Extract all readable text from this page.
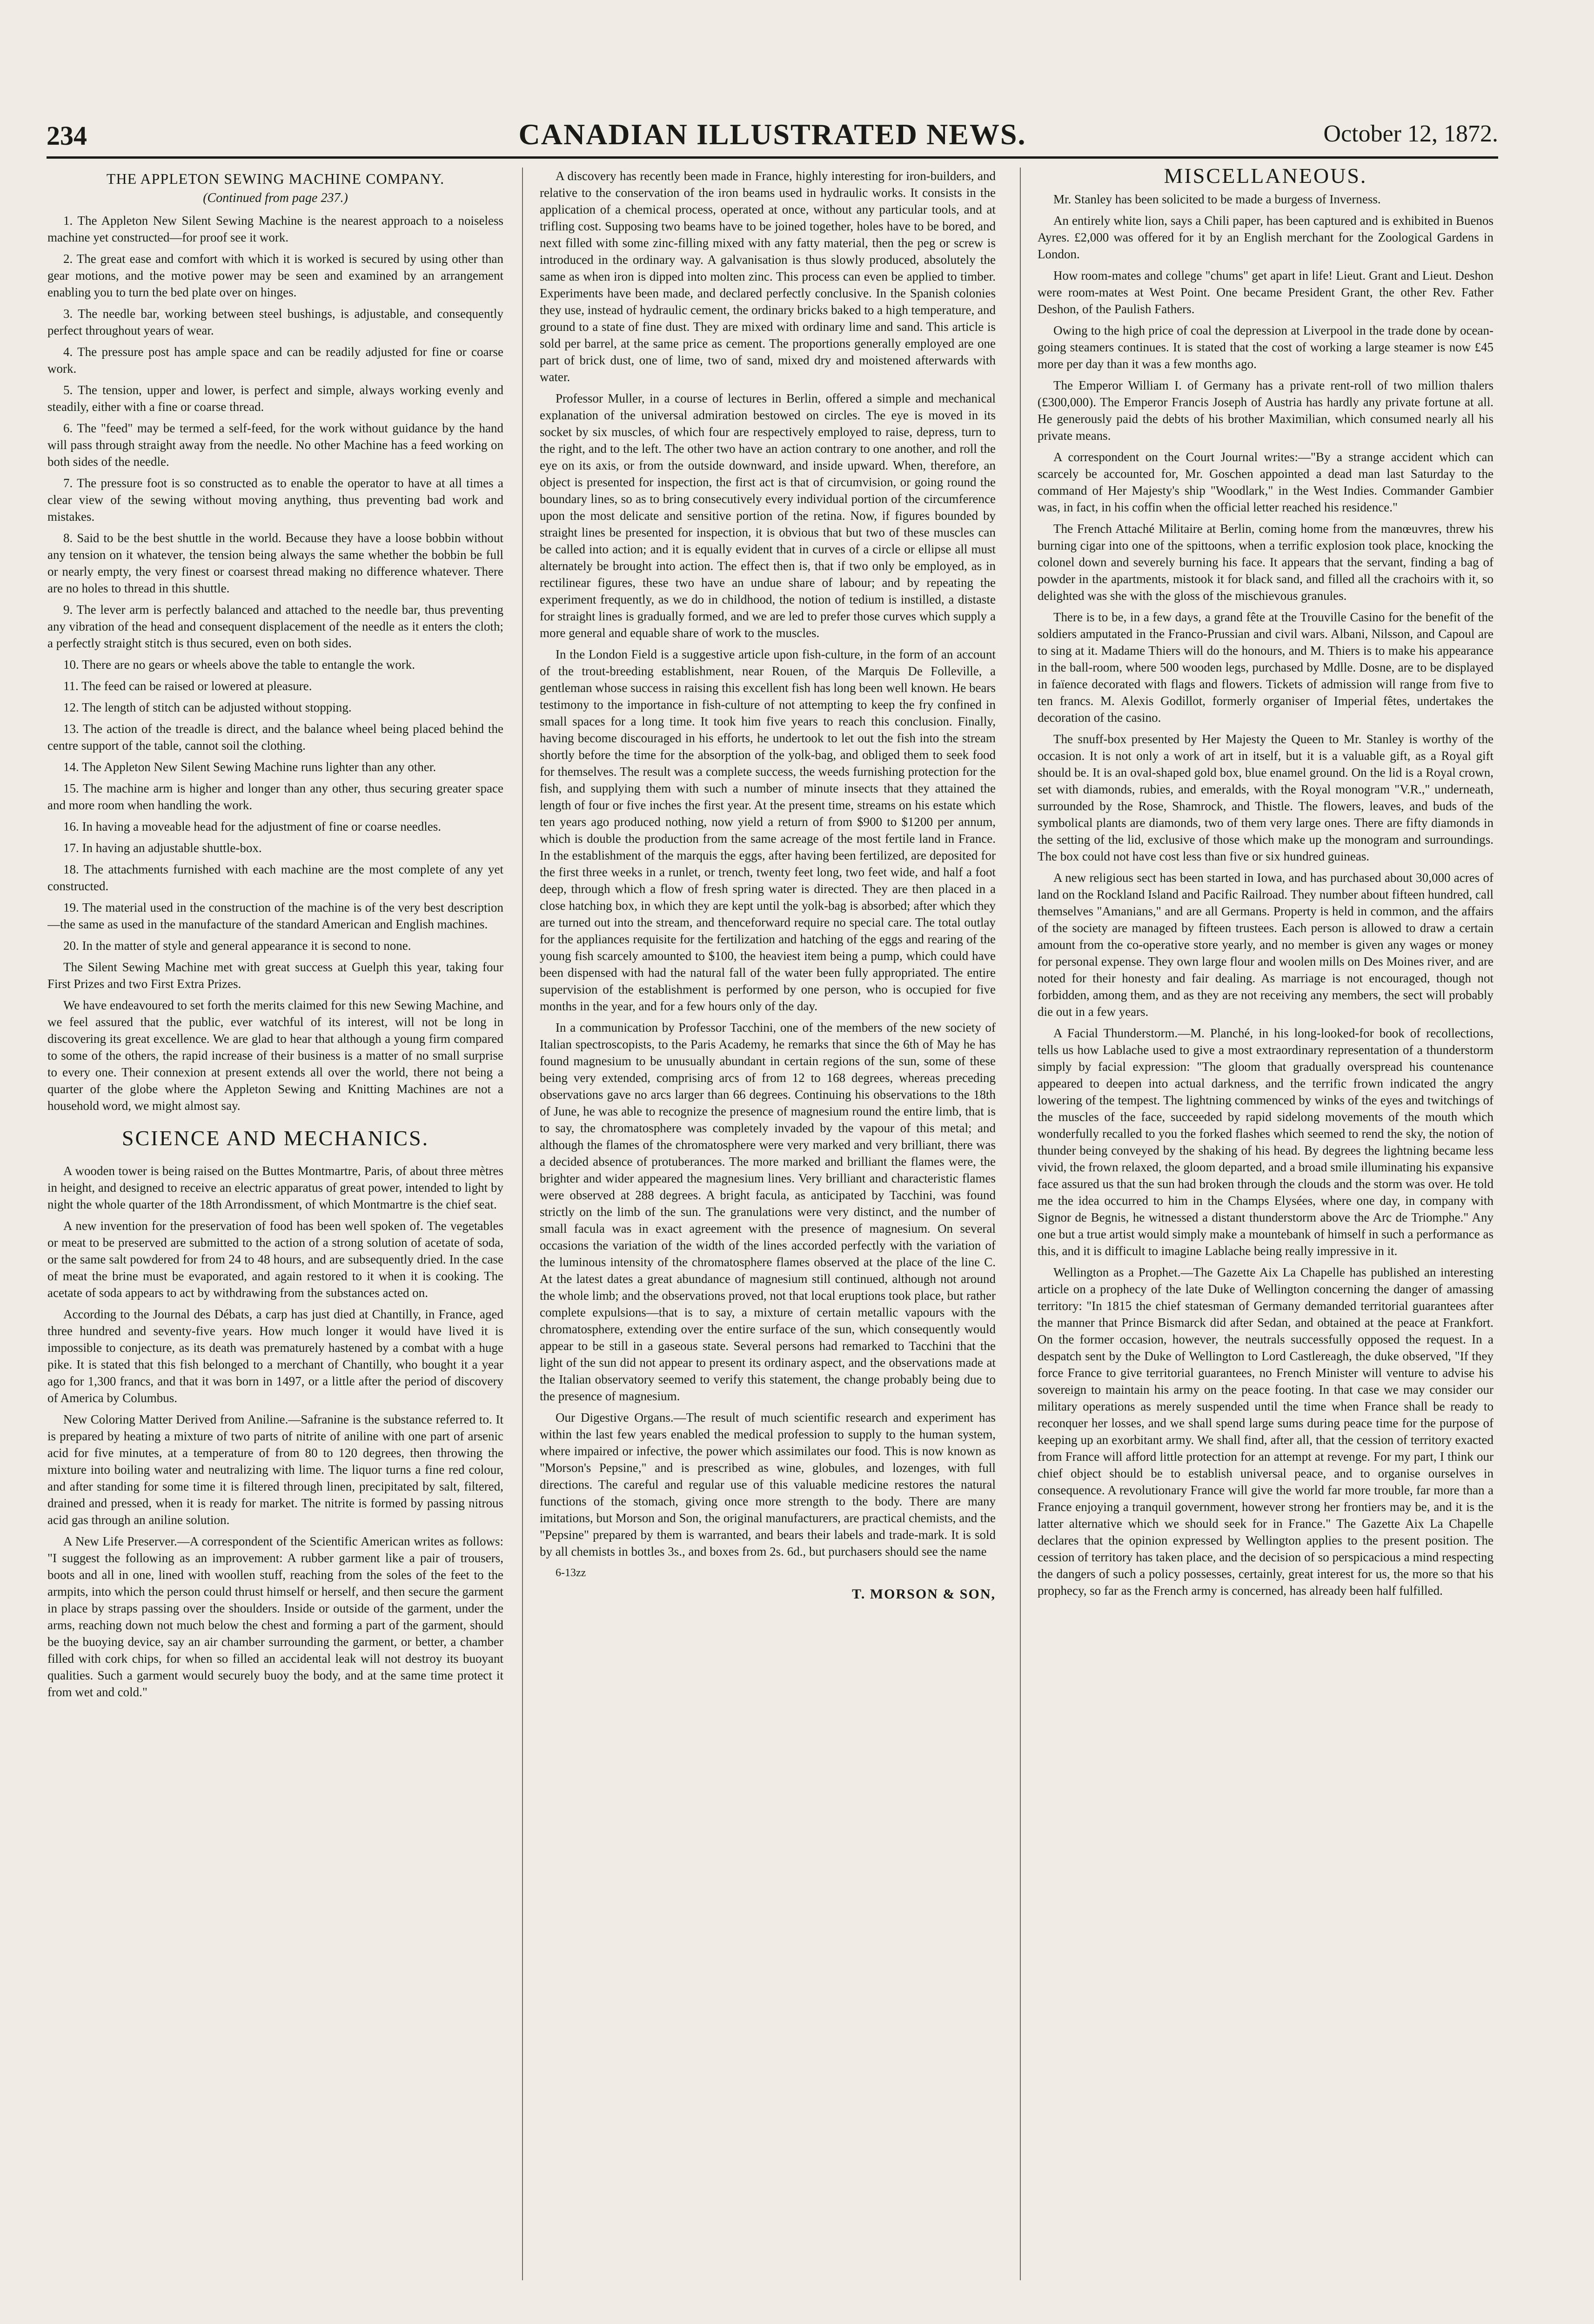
234	CANADIAN ILLUSTRATED NEWS.	October 12, 1872.
THE APPLETON SEWING MACHINE COMPANY.
(Continued from page 237.)

1. The Appleton New Silent Sewing Machine is the nearest approach to a noiseless machine yet constructed—for proof see it work.

2. The great ease and comfort with which it is worked is secured by using other than gear motions, and the motive power may be seen and examined by an arrangement enabling you to turn the bed plate over on hinges.

3. The needle bar, working between steel bushings, is adjustable, and consequently perfect throughout years of wear.

4. The pressure post has ample space and can be readily adjusted for fine or coarse work.

5. The tension, upper and lower, is perfect and simple, always working evenly and steadily, either with a fine or coarse thread.

6. The "feed" may be termed a self-feed, for the work without guidance by the hand will pass through straight away from the needle. No other Machine has a feed working on both sides of the needle.

7. The pressure foot is so constructed as to enable the operator to have at all times a clear view of the sewing without moving anything, thus preventing bad work and mistakes.

8. Said to be the best shuttle in the world. Because they have a loose bobbin without any tension on it whatever, the tension being always the same whether the bobbin be full or nearly empty, the very finest or coarsest thread making no difference whatever. There are no holes to thread in this shuttle.

9. The lever arm is perfectly balanced and attached to the needle bar, thus preventing any vibration of the head and consequent displacement of the needle as it enters the cloth; a perfectly straight stitch is thus secured, even on both sides.

10. There are no gears or wheels above the table to entangle the work.

11. The feed can be raised or lowered at pleasure.

12. The length of stitch can be adjusted without stopping.

13. The action of the treadle is direct, and the balance wheel being placed behind the centre support of the table, cannot soil the clothing.

14. The Appleton New Silent Sewing Machine runs lighter than any other.

15. The machine arm is higher and longer than any other, thus securing greater space and more room when handling the work.

16. In having a moveable head for the adjustment of fine or coarse needles.

17. In having an adjustable shuttle-box.

18. The attachments furnished with each machine are the most complete of any yet constructed.

19. The material used in the construction of the machine is of the very best description—the same as used in the manufacture of the standard American and English machines.

20. In the matter of style and general appearance it is second to none.

The Silent Sewing Machine met with great success at Guelph this year, taking four First Prizes and two First Extra Prizes.

We have endeavoured to set forth the merits claimed for this new Sewing Machine, and we feel assured that the public, ever watchful of its interest, will not be long in discovering its great excellence. We are glad to hear that although a young firm compared to some of the others, the rapid increase of their business is a matter of no small surprise to every one. Their connexion at present extends all over the world, there not being a quarter of the globe where the Appleton Sewing and Knitting Machines are not a household word, we might almost say.

SCIENCE AND MECHANICS.

A wooden tower is being raised on the Buttes Montmartre, Paris, of about three mètres in height, and designed to receive an electric apparatus of great power, intended to light by night the whole quarter of the 18th Arrondissment, of which Montmartre is the chief seat.

A new invention for the preservation of food has been well spoken of. The vegetables or meat to be preserved are submitted to the action of a strong solution of acetate of soda, or the same salt powdered for from 24 to 48 hours, and are subsequently dried. In the case of meat the brine must be evaporated, and again restored to it when it is cooking. The acetate of soda appears to act by withdrawing from the substances acted on.

According to the Journal des Débats, a carp has just died at Chantilly, in France, aged three hundred and seventy-five years. How much longer it would have lived it is impossible to conjecture, as its death was prematurely hastened by a combat with a huge pike. It is stated that this fish belonged to a merchant of Chantilly, who bought it a year ago for 1,300 francs, and that it was born in 1497, or a little after the period of discovery of America by Columbus.

New Coloring Matter Derived from Aniline.—Safranine is the substance referred to. It is prepared by heating a mixture of two parts of nitrite of aniline with one part of arsenic acid for five minutes, at a temperature of from 80 to 120 degrees, then throwing the mixture into boiling water and neutralizing with lime. The liquor turns a fine red colour, and after standing for some time it is filtered through linen, precipitated by salt, filtered, drained and pressed, when it is ready for market. The nitrite is formed by passing nitrous acid gas through an aniline solution.

A New Life Preserver.—A correspondent of the Scientific American writes as follows: "I suggest the following as an improvement: A rubber garment like a pair of trousers, boots and all in one, lined with woollen stuff, reaching from the soles of the feet to the armpits, into which the person could thrust himself or herself, and then secure the garment in place by straps passing over the shoulders. Inside or outside of the garment, under the arms, reaching down not much below the chest and forming a part of the garment, should be the buoying device, say an air chamber surrounding the garment, or better, a chamber filled with cork chips, for when so filled an accidental leak will not destroy its buoyant qualities. Such a garment would securely buoy the body, and at the same time protect it from wet and cold."

A discovery has recently been made in France, highly interesting for iron-builders, and relative to the conservation of the iron beams used in hydraulic works. It consists in the application of a chemical process, operated at once, without any particular tools, and at trifling cost. Supposing two beams have to be joined together, holes have to be bored, and next filled with some zinc-filling mixed with any fatty material, then the peg or screw is introduced in the ordinary way. A galvanisation is thus slowly produced, absolutely the same as when iron is dipped into molten zinc. This process can even be applied to timber. Experiments have been made, and declared perfectly conclusive. In the Spanish colonies they use, instead of hydraulic cement, the ordinary bricks baked to a high temperature, and ground to a state of fine dust. They are mixed with ordinary lime and sand. This article is sold per barrel, at the same price as cement. The proportions generally employed are one part of brick dust, one of lime, two of sand, mixed dry and moistened afterwards with water.

Professor Muller, in a course of lectures in Berlin, offered a simple and mechanical explanation of the universal admiration bestowed on circles. The eye is moved in its socket by six muscles, of which four are respectively employed to raise, depress, turn to the right, and to the left. The other two have an action contrary to one another, and roll the eye on its axis, or from the outside downward, and inside upward. When, therefore, an object is presented for inspection, the first act is that of circumvision, or going round the boundary lines, so as to bring consecutively every individual portion of the circumference upon the most delicate and sensitive portion of the retina. Now, if figures bounded by straight lines be presented for inspection, it is obvious that but two of these muscles can be called into action; and it is equally evident that in curves of a circle or ellipse all must alternately be brought into action. The effect then is, that if two only be employed, as in rectilinear figures, these two have an undue share of labour; and by repeating the experiment frequently, as we do in childhood, the notion of tedium is instilled, a distaste for straight lines is gradually formed, and we are led to prefer those curves which supply a more general and equable share of work to the muscles.

In the London Field is a suggestive article upon fish-culture, in the form of an account of the trout-breeding establishment, near Rouen, of the Marquis De Folleville, a gentleman whose success in raising this excellent fish has long been well known. He bears testimony to the importance in fish-culture of not attempting to keep the fry confined in small spaces for a long time. It took him five years to reach this conclusion. Finally, having become discouraged in his efforts, he undertook to let out the fish into the stream shortly before the time for the absorption of the yolk-bag, and obliged them to seek food for themselves. The result was a complete success, the weeds furnishing protection for the fish, and supplying them with such a number of minute insects that they attained the length of four or five inches the first year. At the present time, streams on his estate which ten years ago produced nothing, now yield a return of from $900 to $1200 per annum, which is double the production from the same acreage of the most fertile land in France. In the establishment of the marquis the eggs, after having been fertilized, are deposited for the first three weeks in a runlet, or trench, twenty feet long, two feet wide, and half a foot deep, through which a flow of fresh spring water is directed. They are then placed in a close hatching box, in which they are kept until the yolk-bag is absorbed; after which they are turned out into the stream, and thenceforward require no special care. The total outlay for the appliances requisite for the fertilization and hatching of the eggs and rearing of the young fish scarcely amounted to $100, the heaviest item being a pump, which could have been dispensed with had the natural fall of the water been fully appropriated. The entire supervision of the establishment is performed by one person, who is occupied for five months in the year, and for a few hours only of the day.

In a communication by Professor Tacchini, one of the members of the new society of Italian spectroscopists, to the Paris Academy, he remarks that since the 6th of May he has found magnesium to be unusually abundant in certain regions of the sun, some of these being very extended, comprising arcs of from 12 to 168 degrees, whereas preceding observations gave no arcs larger than 66 degrees. Continuing his observations to the 18th of June, he was able to recognize the presence of magnesium round the entire limb, that is to say, the chromatosphere was completely invaded by the vapour of this metal; and although the flames of the chromatosphere were very marked and very brilliant, there was a decided absence of protuberances. The more marked and brilliant the flames were, the brighter and wider appeared the magnesium lines. Very brilliant and characteristic flames were observed at 288 degrees. A bright facula, as anticipated by Tacchini, was found strictly on the limb of the sun. The granulations were very distinct, and the number of small facula was in exact agreement with the presence of magnesium. On several occasions the variation of the width of the lines accorded perfectly with the variation of the luminous intensity of the chromatosphere flames observed at the place of the line C. At the latest dates a great abundance of magnesium still continued, although not around the whole limb; and the observations proved, not that local eruptions took place, but rather complete expulsions—that is to say, a mixture of certain metallic vapours with the chromatosphere, extending over the entire surface of the sun, which consequently would appear to be still in a gaseous state. Several persons had remarked to Tacchini that the light of the sun did not appear to present its ordinary aspect, and the observations made at the Italian observatory seemed to verify this statement, the change probably being due to the presence of magnesium.

Our Digestive Organs.—The result of much scientific research and experiment has within the last few years enabled the medical profession to supply to the human system, where impaired or infective, the power which assimilates our food. This is now known as "Morson's Pepsine," and is prescribed as wine, globules, and lozenges, with full directions. The careful and regular use of this valuable medicine restores the natural functions of the stomach, giving once more strength to the body. There are many imitations, but Morson and Son, the original manufacturers, are practical chemists, and the "Pepsine" prepared by them is warranted, and bears their labels and trade-mark. It is sold by all chemists in bottles 3s., and boxes from 2s. 6d., but purchasers should see the name

6-13zz

T. MORSON & SON,

MISCELLANEOUS.

Mr. Stanley has been solicited to be made a burgess of Inverness.

An entirely white lion, says a Chili paper, has been captured and is exhibited in Buenos Ayres. £2,000 was offered for it by an English merchant for the Zoological Gardens in London.

How room-mates and college "chums" get apart in life! Lieut. Grant and Lieut. Deshon were room-mates at West Point. One became President Grant, the other Rev. Father Deshon, of the Paulish Fathers.

Owing to the high price of coal the depression at Liverpool in the trade done by ocean-going steamers continues. It is stated that the cost of working a large steamer is now £45 more per day than it was a few months ago.

The Emperor William I. of Germany has a private rent-roll of two million thalers (£300,000). The Emperor Francis Joseph of Austria has hardly any private fortune at all. He generously paid the debts of his brother Maximilian, which consumed nearly all his private means.

A correspondent on the Court Journal writes:—"By a strange accident which can scarcely be accounted for, Mr. Goschen appointed a dead man last Saturday to the command of Her Majesty's ship "Woodlark," in the West Indies. Commander Gambier was, in fact, in his coffin when the official letter reached his residence."

The French Attaché Militaire at Berlin, coming home from the manœuvres, threw his burning cigar into one of the spittoons, when a terrific explosion took place, knocking the colonel down and severely burning his face. It appears that the servant, finding a bag of powder in the apartments, mistook it for black sand, and filled all the crachoirs with it, so delighted was she with the gloss of the mischievous granules.

There is to be, in a few days, a grand fête at the Trouville Casino for the benefit of the soldiers amputated in the Franco-Prussian and civil wars. Albani, Nilsson, and Capoul are to sing at it. Madame Thiers will do the honours, and M. Thiers is to make his appearance in the ball-room, where 500 wooden legs, purchased by Mdlle. Dosne, are to be displayed in faïence decorated with flags and flowers. Tickets of admission will range from five to ten francs. M. Alexis Godillot, formerly organiser of Imperial fêtes, undertakes the decoration of the casino.

The snuff-box presented by Her Majesty the Queen to Mr. Stanley is worthy of the occasion. It is not only a work of art in itself, but it is a valuable gift, as a Royal gift should be. It is an oval-shaped gold box, blue enamel ground. On the lid is a Royal crown, set with diamonds, rubies, and emeralds, with the Royal monogram "V.R.," underneath, surrounded by the Rose, Shamrock, and Thistle. The flowers, leaves, and buds of the symbolical plants are diamonds, two of them very large ones. There are fifty diamonds in the setting of the lid, exclusive of those which make up the monogram and surroundings. The box could not have cost less than five or six hundred guineas.

A new religious sect has been started in Iowa, and has purchased about 30,000 acres of land on the Rockland Island and Pacific Railroad. They number about fifteen hundred, call themselves "Amanians," and are all Germans. Property is held in common, and the affairs of the society are managed by fifteen trustees. Each person is allowed to draw a certain amount from the co-operative store yearly, and no member is given any wages or money for personal expense. They own large flour and woolen mills on Des Moines river, and are noted for their honesty and fair dealing. As marriage is not encouraged, though not forbidden, among them, and as they are not receiving any members, the sect will probably die out in a few years.

A Facial Thunderstorm.—M. Planché, in his long-looked-for book of recollections, tells us how Lablache used to give a most extraordinary representation of a thunderstorm simply by facial expression: "The gloom that gradually overspread his countenance appeared to deepen into actual darkness, and the terrific frown indicated the angry lowering of the tempest. The lightning commenced by winks of the eyes and twitchings of the muscles of the face, succeeded by rapid sidelong movements of the mouth which wonderfully recalled to you the forked flashes which seemed to rend the sky, the notion of thunder being conveyed by the shaking of his head. By degrees the lightning became less vivid, the frown relaxed, the gloom departed, and a broad smile illuminating his expansive face assured us that the sun had broken through the clouds and the storm was over. He told me the idea occurred to him in the Champs Elysées, where one day, in company with Signor de Begnis, he witnessed a distant thunderstorm above the Arc de Triomphe." Any one but a true artist would simply make a mountebank of himself in such a performance as this, and it is difficult to imagine Lablache being really impressive in it.

Wellington as a Prophet.—The Gazette Aix La Chapelle has published an interesting article on a prophecy of the late Duke of Wellington concerning the danger of amassing territory: "In 1815 the chief statesman of Germany demanded territorial guarantees after the manner that Prince Bismarck did after Sedan, and obtained at the peace at Frankfort. On the former occasion, however, the neutrals successfully opposed the request. In a despatch sent by the Duke of Wellington to Lord Castlereagh, the duke observed, "If they force France to give territorial guarantees, no French Minister will venture to advise his sovereign to maintain his army on the peace footing. In that case we may consider our military operations as merely suspended until the time when France shall be ready to reconquer her losses, and we shall spend large sums during peace time for the purpose of keeping up an exorbitant army. We shall find, after all, that the cession of territory exacted from France will afford little protection for an attempt at revenge. For my part, I think our chief object should be to establish universal peace, and to organise ourselves in consequence. A revolutionary France will give the world far more trouble, far more than a France enjoying a tranquil government, however strong her frontiers may be, and it is the latter alternative which we should seek for in France." The Gazette Aix La Chapelle declares that the opinion expressed by Wellington applies to the present position. The cession of territory has taken place, and the decision of so perspicacious a mind respecting the dangers of such a policy possesses, certainly, great interest for us, the more so that his prophecy, so far as the French army is concerned, has already been half fulfilled.
